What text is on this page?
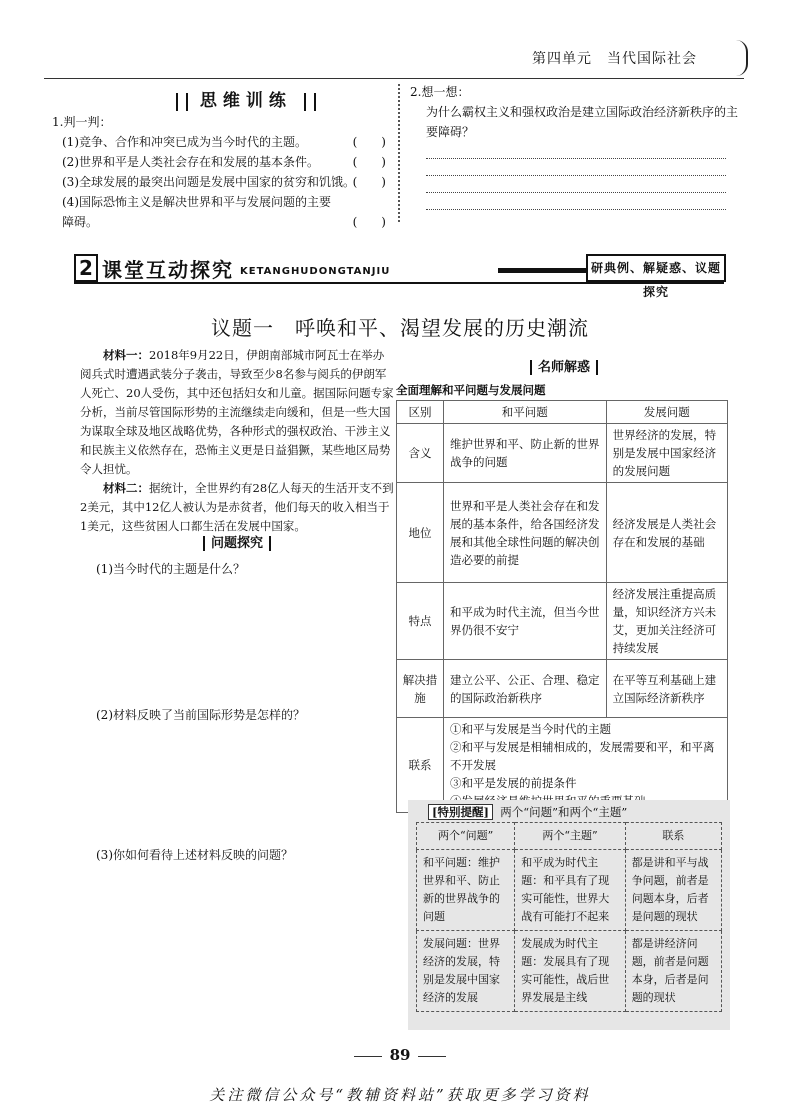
第四单元　当代国际社会
思维训练
1.判一判：
(1)竞争、合作和冲突已成为当今时代的主题。	(　　)
(2)世界和平是人类社会存在和发展的基本条件。	(　　)
(3)全球发展的最突出问题是发展中国家的贫穷和饥饿。
(　　)
(4)国际恐怖主义是解决世界和平与发展问题的主要障碍。	(　　)
2.想一想：
为什么霸权主义和强权政治是建立国际政治经济新秩序的主要障碍？
2 课堂互动探究 KETANGHUDONGTANJIU	研典例、解疑惑、议题探究
议题一　呼唤和平、渴望发展的历史潮流

材料一：2018年9月22日，伊朗南部城市阿瓦士在举办阅兵式时遭遇武装分子袭击，导致至少8名参与阅兵的伊朗军人死亡、20人受伤，其中还包括妇女和儿童。据国际问题专家分析，当前尽管国际形势的主流继续走向缓和，但是一些大国为谋取全球及地区战略优势，各种形式的强权政治、干涉主义和民族主义依然存在，恐怖主义更是日益猖獗，某些地区局势令人担忧。

材料二：据统计，全世界约有28亿人每天的生活开支不到2美元，其中12亿人被认为是赤贫者，他们每天的收入相当于1美元，这些贫困人口都生活在发展中国家。

问题探究
(1)当今时代的主题是什么？
(2)材料反映了当前国际形势是怎样的？
(3)你如何看待上述材料反映的问题？
名师解惑
全面理解和平问题与发展问题
区别	和平问题	发展问题
含义	维护世界和平、防止新的世界战争的问题	世界经济的发展，特别是发展中国家经济的发展问题
地位	世界和平是人类社会存在和发展的基本条件，给各国经济发展和其他全球性问题的解决创造必要的前提	经济发展是人类社会存在和发展的基础
特点	和平成为时代主流，但当今世界仍很不安宁	经济发展注重提高质量，知识经济方兴未艾，更加关注经济可持续发展
解决措施	建立公平、公正、合理、稳定的国际政治新秩序	在平等互利基础上建立国际经济新秩序
联系	①和平与发展是当今时代的主题
②和平与发展是相辅相成的，发展需要和平，和平离不开发展
③和平是发展的前提条件	
[特别提醒] 两个“问题”和两个“主题”
两个“问题”	两个“主题”	联系
和平问题：维护世界和平、防止新的世界战争的问题	和平成为时代主题：和平具有了现实可能性，世界大战有可能打不起来	都是讲和平与战争问题，前者是问题本身，后者是问题的现状
发展问题：世界经济的发展，特别是发展中国家经济的发展	发展成为时代主题：发展具有了现实可能性，战后世界发展是主线	都是讲经济问题，前者是问题本身，后者是问题的现状
89
关注微信公众号“教辅资料站”获取更多学习资料
